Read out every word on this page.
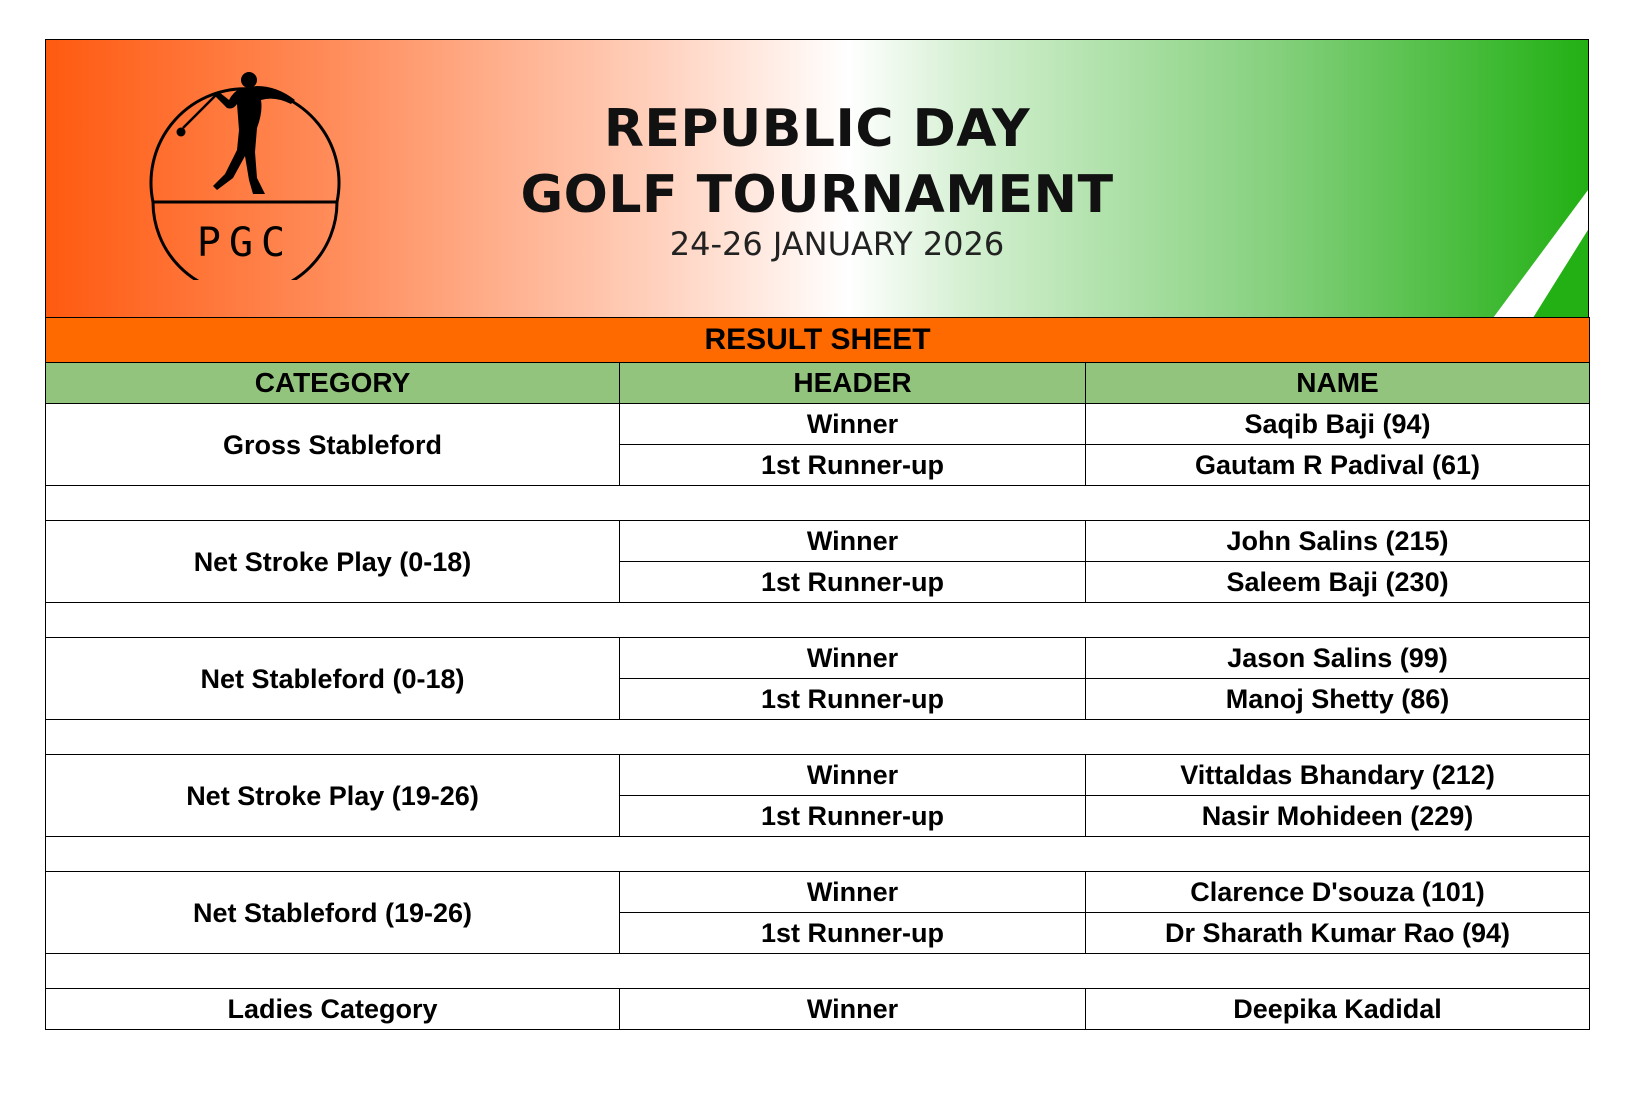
PGC
REPUBLIC DAY
GOLF TOURNAMENT
24-26 JANUARY 2026
RESULT SHEET		
CATEGORY	HEADER	NAME
Gross Stableford	Winner	Saqib Baji (94)
	1st Runner-up	Gautam R Padival (61)

Net Stroke Play (0-18)	Winner	John Salins (215)
	1st Runner-up	Saleem Baji (230)

Net Stableford (0-18)	Winner	Jason Salins (99)
	1st Runner-up	Manoj Shetty (86)

Net Stroke Play (19-26)	Winner	Vittaldas Bhandary (212)
	1st Runner-up	Nasir Mohideen (229)

Net Stableford (19-26)	Winner	Clarence D'souza (101)
	1st Runner-up	Dr Sharath Kumar Rao (94)

Ladies Category	Winner	Deepika Kadidal
